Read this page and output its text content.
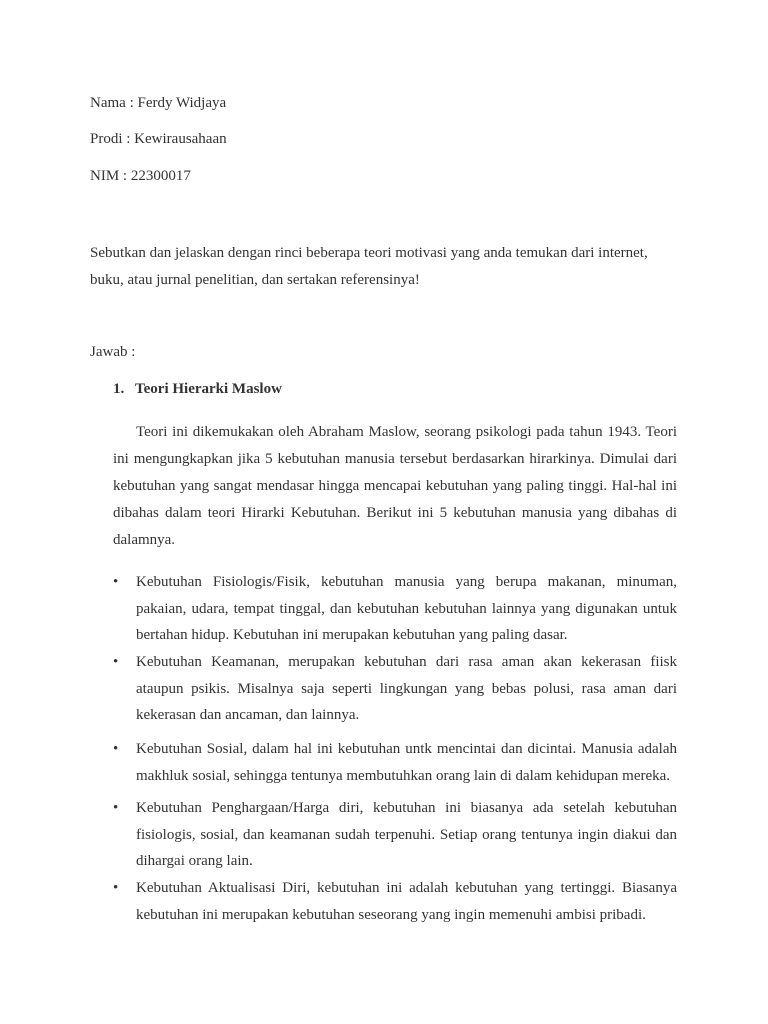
Nama : Ferdy Widjaya
Prodi : Kewirausahaan
NIM : 22300017
Sebutkan dan jelaskan dengan rinci beberapa teori motivasi yang anda temukan dari internet, buku, atau jurnal penelitian, dan sertakan referensinya!
Jawab :
1. Teori Hierarki Maslow
Teori ini dikemukakan oleh Abraham Maslow, seorang psikologi pada tahun 1943. Teori ini mengungkapkan jika 5 kebutuhan manusia tersebut berdasarkan hirarkinya. Dimulai dari kebutuhan yang sangat mendasar hingga mencapai kebutuhan yang paling tinggi. Hal-hal ini dibahas dalam teori Hirarki Kebutuhan. Berikut ini 5 kebutuhan manusia yang dibahas di dalamnya.
• Kebutuhan Fisiologis/Fisik, kebutuhan manusia yang berupa makanan, minuman, pakaian, udara, tempat tinggal, dan kebutuhan kebutuhan lainnya yang digunakan untuk bertahan hidup. Kebutuhan ini merupakan kebutuhan yang paling dasar.
• Kebutuhan Keamanan, merupakan kebutuhan dari rasa aman akan kekerasan fiisk ataupun psikis. Misalnya saja seperti lingkungan yang bebas polusi, rasa aman dari kekerasan dan ancaman, dan lainnya.
• Kebutuhan Sosial, dalam hal ini kebutuhan untk mencintai dan dicintai. Manusia adalah makhluk sosial, sehingga tentunya membutuhkan orang lain di dalam kehidupan mereka.
• Kebutuhan Penghargaan/Harga diri, kebutuhan ini biasanya ada setelah kebutuhan fisiologis, sosial, dan keamanan sudah terpenuhi. Setiap orang tentunya ingin diakui dan dihargai orang lain.
• Kebutuhan Aktualisasi Diri, kebutuhan ini adalah kebutuhan yang tertinggi. Biasanya kebutuhan ini merupakan kebutuhan seseorang yang ingin memenuhi ambisi pribadi.
